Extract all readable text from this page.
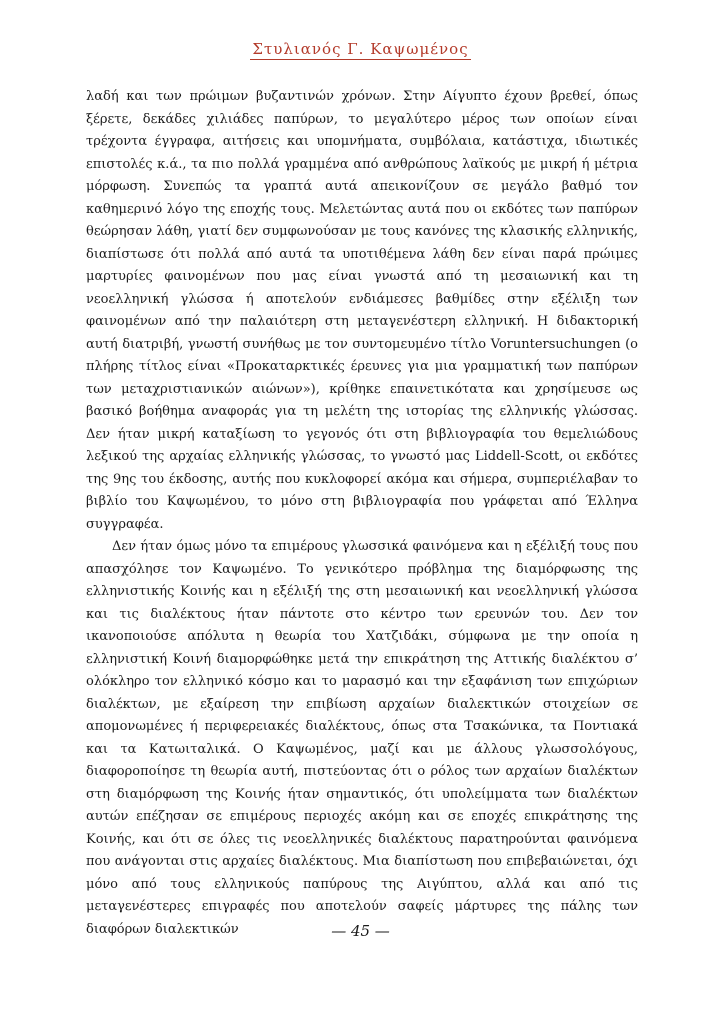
Στυλιανός Γ. Καψωμένος

λαδή και των πρώιμων βυζαντινών χρόνων. Στην Αίγυπτο έχουν βρεθεί, όπως ξέρετε, δεκάδες χιλιάδες παπύρων, το μεγαλύτερο μέρος των οποίων είναι τρέχοντα έγγραφα, αιτήσεις και υπομνήματα, συμβόλαια, κατάστιχα, ιδιωτικές επιστολές κ.ά., τα πιο πολλά γραμμένα από ανθρώπους λαϊκούς με μικρή ή μέτρια μόρφωση. Συνεπώς τα γραπτά αυτά απεικονίζουν σε μεγάλο βαθμό τον καθημερινό λόγο της εποχής τους. Μελετώντας αυτά που οι εκδότες των παπύρων θεώρησαν λάθη, γιατί δεν συμφωνούσαν με τους κανόνες της κλασικής ελληνικής, διαπίστωσε ότι πολλά από αυτά τα υποτιθέμενα λάθη δεν είναι παρά πρώιμες μαρτυρίες φαινομένων που μας είναι γνωστά από τη μεσαιωνική και τη νεοελληνική γλώσσα ή αποτελούν ενδιάμεσες βαθμίδες στην εξέλιξη των φαινομένων από την παλαιότερη στη μεταγενέστερη ελληνική. Η διδακτορική αυτή διατριβή, γνωστή συνήθως με τον συντομευμένο τίτλο Voruntersuchungen (ο πλήρης τίτλος είναι «Προκαταρκτικές έρευνες για μια γραμματική των παπύρων των μεταχριστιανικών αιώνων»), κρίθηκε επαινετικότατα και χρησίμευσε ως βασικό βοήθημα αναφοράς για τη μελέτη της ιστορίας της ελληνικής γλώσσας. Δεν ήταν μικρή καταξίωση το γεγονός ότι στη βιβλιογραφία του θεμελιώδους λεξικού της αρχαίας ελληνικής γλώσσας, το γνωστό μας Liddell-Scott, οι εκδότες της 9ης του έκδοσης, αυτής που κυκλοφορεί ακόμα και σήμερα, συμπεριέλαβαν το βιβλίο του Καψωμένου, το μόνο στη βιβλιογραφία που γράφεται από Έλληνα συγγραφέα.

Δεν ήταν όμως μόνο τα επιμέρους γλωσσικά φαινόμενα και η εξέλιξή τους που απασχόλησε τον Καψωμένο. Το γενικότερο πρόβλημα της διαμόρφωσης της ελληνιστικής Κοινής και η εξέλιξή της στη μεσαιωνική και νεοελληνική γλώσσα και τις διαλέκτους ήταν πάντοτε στο κέντρο των ερευνών του. Δεν τον ικανοποιούσε απόλυτα η θεωρία του Χατζιδάκι, σύμφωνα με την οποία η ελληνιστική Κοινή διαμορφώθηκε μετά την επικράτηση της Αττικής διαλέκτου σ’ ολόκληρο τον ελληνικό κόσμο και το μαρασμό και την εξαφάνιση των επιχώριων διαλέκτων, με εξαίρεση την επιβίωση αρχαίων διαλεκτικών στοιχείων σε απομονωμένες ή περιφερειακές διαλέκτους, όπως στα Τσακώνικα, τα Ποντιακά και τα Κατωιταλικά. Ο Καψωμένος, μαζί και με άλλους γλωσσολόγους, διαφοροποίησε τη θεωρία αυτή, πιστεύοντας ότι ο ρόλος των αρχαίων διαλέκτων στη διαμόρφωση της Κοινής ήταν σημαντικός, ότι υπολείμματα των διαλέκτων αυτών επέζησαν σε επιμέρους περιοχές ακόμη και σε εποχές επικράτησης της Κοινής, και ότι σε όλες τις νεοελληνικές διαλέκτους παρατηρούνται φαινόμενα που ανάγονται στις αρχαίες διαλέκτους. Μια διαπίστωση που επιβεβαιώνεται, όχι μόνο από τους ελληνικούς παπύρους της Αιγύπτου, αλλά και από τις μεταγενέστερες επιγραφές που αποτελούν σαφείς μάρτυρες της πάλης των διαφόρων διαλεκτικών	— 45 —
